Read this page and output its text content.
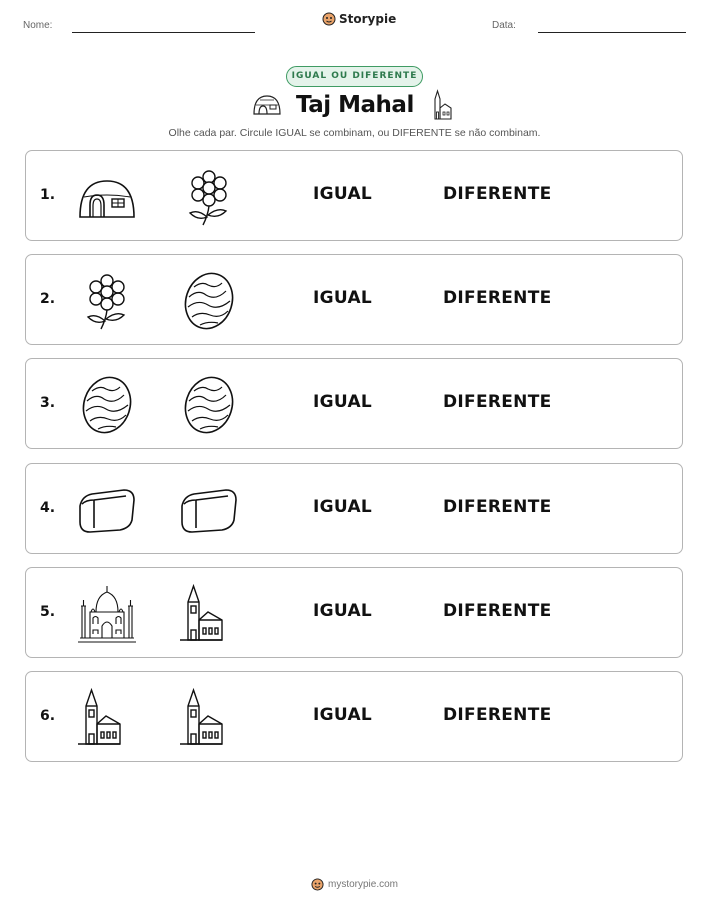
Nome:	Storypie	Data:
IGUAL OU DIFERENTE
Taj Mahal
Olhe cada par. Circule IGUAL se combinam, ou DIFERENTE se não combinam.
1.	IGUAL	DIFERENTE
2.	IGUAL	DIFERENTE
3.	IGUAL	DIFERENTE
4.	IGUAL	DIFERENTE
5.	IGUAL	DIFERENTE
6.	IGUAL	DIFERENTE
mystorypie.com
